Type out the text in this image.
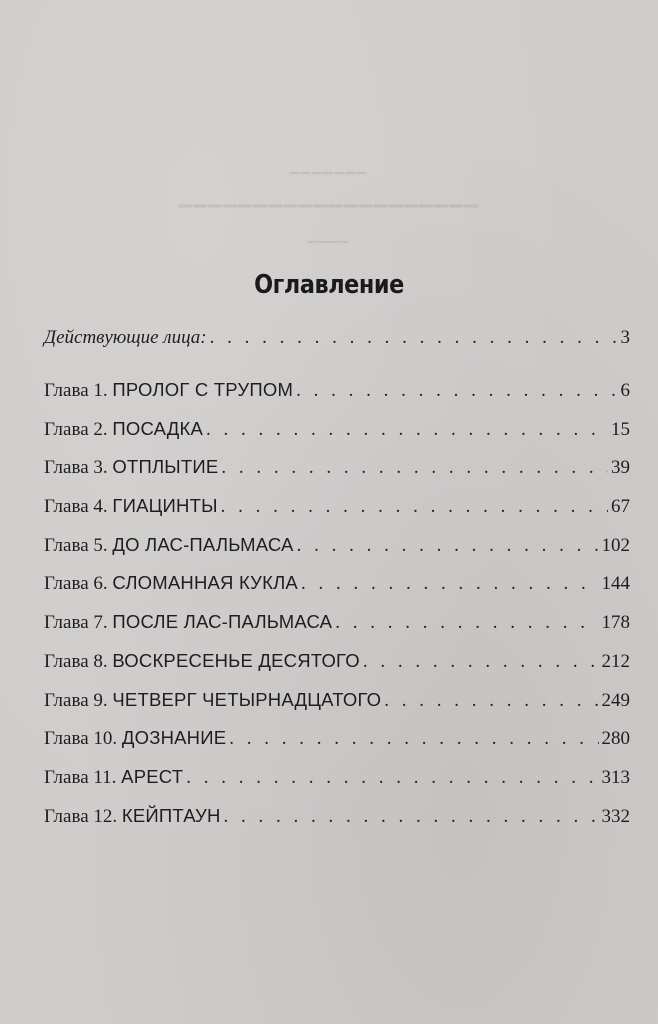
▁▁▁▁▁▁▁
▁▁▁▁▁▁▁▁▁▁▁▁▁▁▁▁▁▁▁▁
▁▁▁▁
Оглавление
Действующие лица: . . .	3
Глава 1. ПРОЛОГ С ТРУПОМ . . .	6
Глава 2. ПОСАДКА . . .	15
Глава 3. ОТПЛЫТИЕ . . .	39
Глава 4. ГИАЦИНТЫ . . .	67
Глава 5. ДО ЛАС-ПАЛЬМАСА . . .	102
Глава 6. СЛОМАННАЯ КУКЛА . . .	144
Глава 7. ПОСЛЕ ЛАС-ПАЛЬМАСА . . .	178
Глава 8. ВОСКРЕСЕНЬЕ ДЕСЯТОГО . . .	212
Глава 9. ЧЕТВЕРГ ЧЕТЫРНАДЦАТОГО . . .	249
Глава 10. ДОЗНАНИЕ . . .	280
Глава 11. АРЕСТ . . .	313
Глава 12. КЕЙПТАУН . . .	332
